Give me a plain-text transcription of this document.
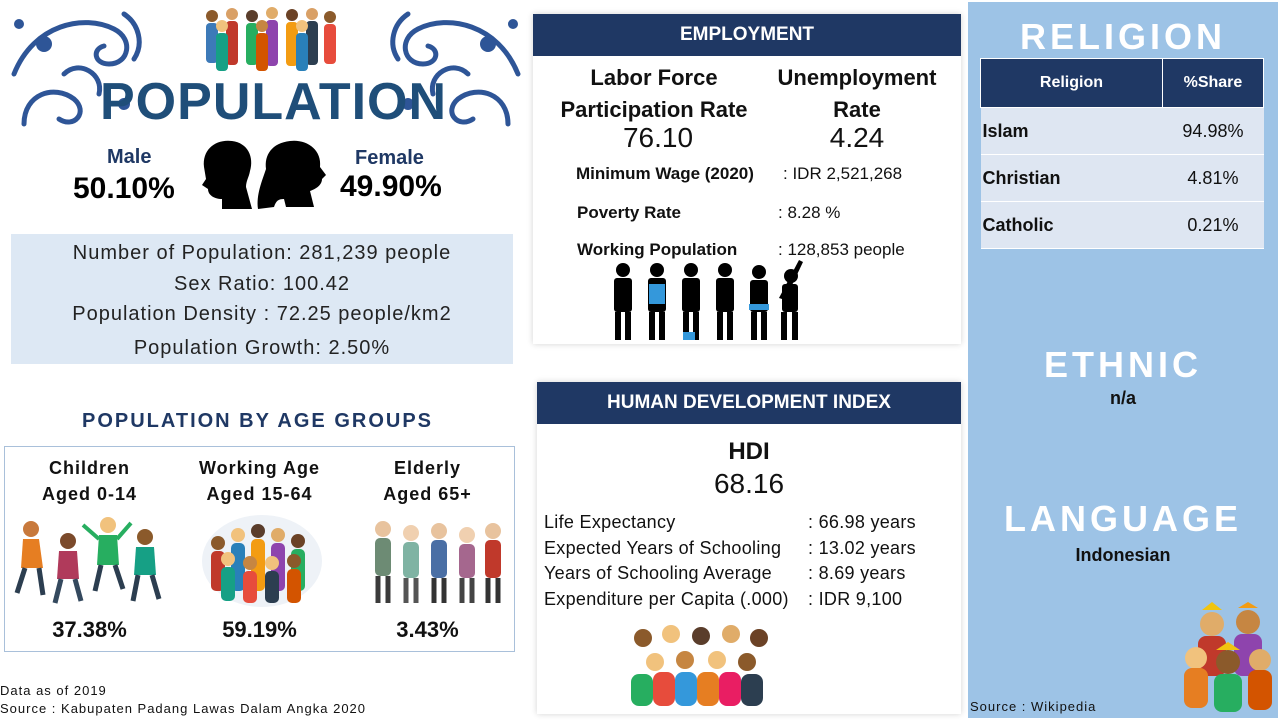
POPULATION
Male
50.10%
Female
49.90%
Number of Population: 281,239 people
Sex Ratio: 100.42
Population Density : 72.25 people/km2
Population Growth: 2.50%
POPULATION BY AGE GROUPS
Children
Aged 0-14
37.38%
Working Age
Aged 15-64
59.19%
Elderly
Aged 65+
3.43%
Data as of 2019
Source : Kabupaten Padang Lawas Dalam Angka 2020
EMPLOYMENT
Labor Force
Participation Rate
76.10
Unemployment
Rate
4.24
Minimum Wage (2020) : IDR 2,521,268
Poverty Rate	: 8.28 %
Working Population : 128,853 people
HUMAN DEVELOPMENT INDEX
HDI
68.16
Life Expectancy	: 66.98 years
Expected Years of Schooling : 13.02 years
Years of Schooling Average : 8.69 years
Expenditure per Capita (.000) : IDR 9,100
RELIGION
Religion	%Share
Islam	94.98%
Christian	4.81%
Catholic	0.21%
ETHNIC
n/a
LANGUAGE
Indonesian
Source : Wikipedia
